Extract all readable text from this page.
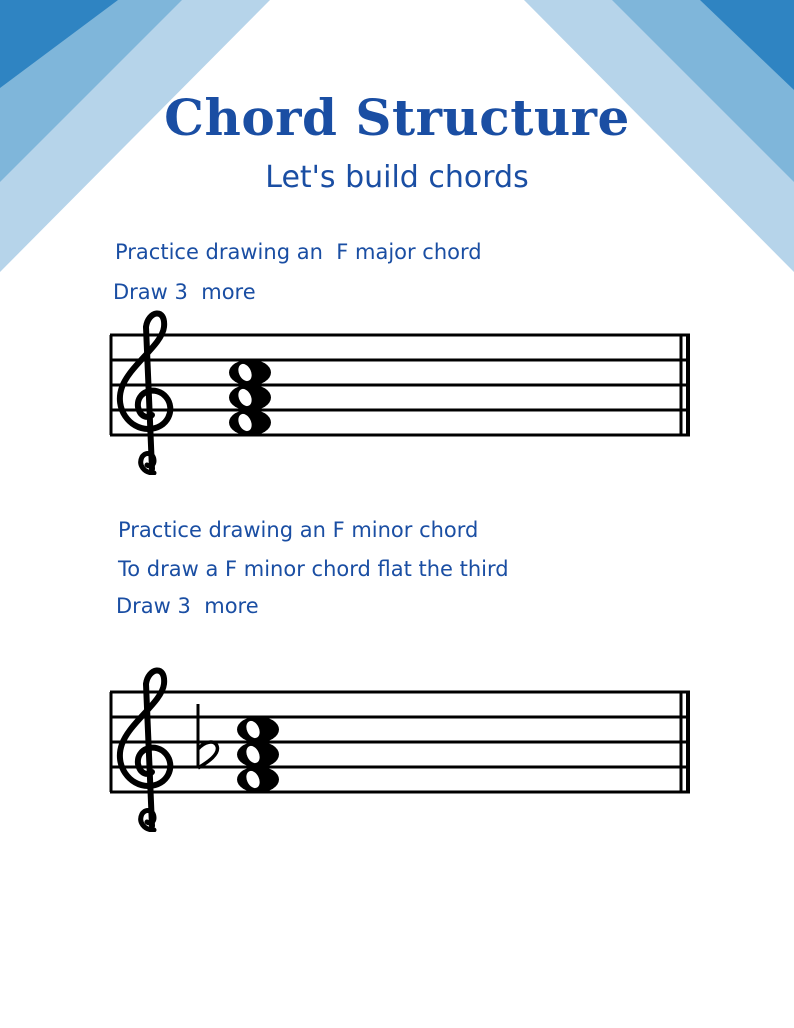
Chord Structure
Let's build chords
Practice drawing an  F major chord
Draw 3  more
Practice drawing an F minor chord
To draw a F minor chord flat the third
Draw 3  more
